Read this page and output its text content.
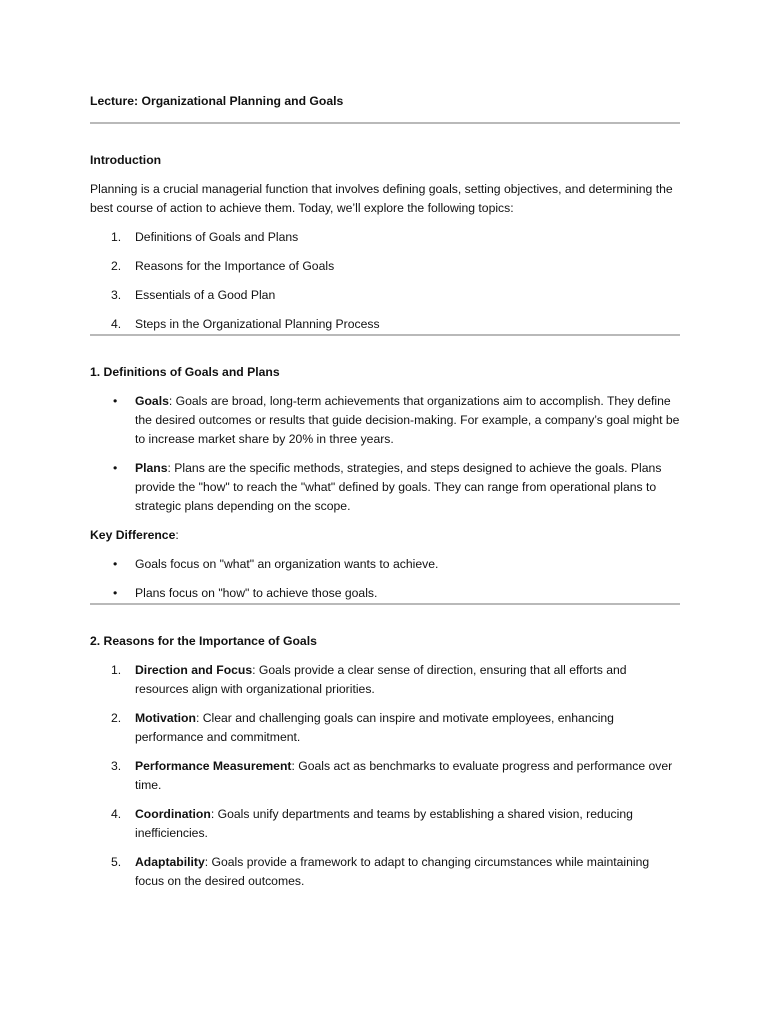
Lecture: Organizational Planning and Goals

Introduction

Planning is a crucial managerial function that involves defining goals, setting objectives, and determining the best course of action to achieve them. Today, we’ll explore the following topics:

1. Definitions of Goals and Plans
2. Reasons for the Importance of Goals
3. Essentials of a Good Plan
4. Steps in the Organizational Planning Process

1. Definitions of Goals and Plans

• Goals: Goals are broad, long-term achievements that organizations aim to accomplish. They define the desired outcomes or results that guide decision-making. For example, a company’s goal might be to increase market share by 20% in three years.
• Plans: Plans are the specific methods, strategies, and steps designed to achieve the goals. Plans provide the "how" to reach the "what" defined by goals. They can range from operational plans to strategic plans depending on the scope.

Key Difference:

• Goals focus on "what" an organization wants to achieve.
• Plans focus on "how" to achieve those goals.

2. Reasons for the Importance of Goals

1. Direction and Focus: Goals provide a clear sense of direction, ensuring that all efforts and resources align with organizational priorities.
2. Motivation: Clear and challenging goals can inspire and motivate employees, enhancing performance and commitment.
3. Performance Measurement: Goals act as benchmarks to evaluate progress and performance over time.
4. Coordination: Goals unify departments and teams by establishing a shared vision, reducing inefficiencies.
5. Adaptability: Goals provide a framework to adapt to changing circumstances while maintaining focus on the desired outcomes.
